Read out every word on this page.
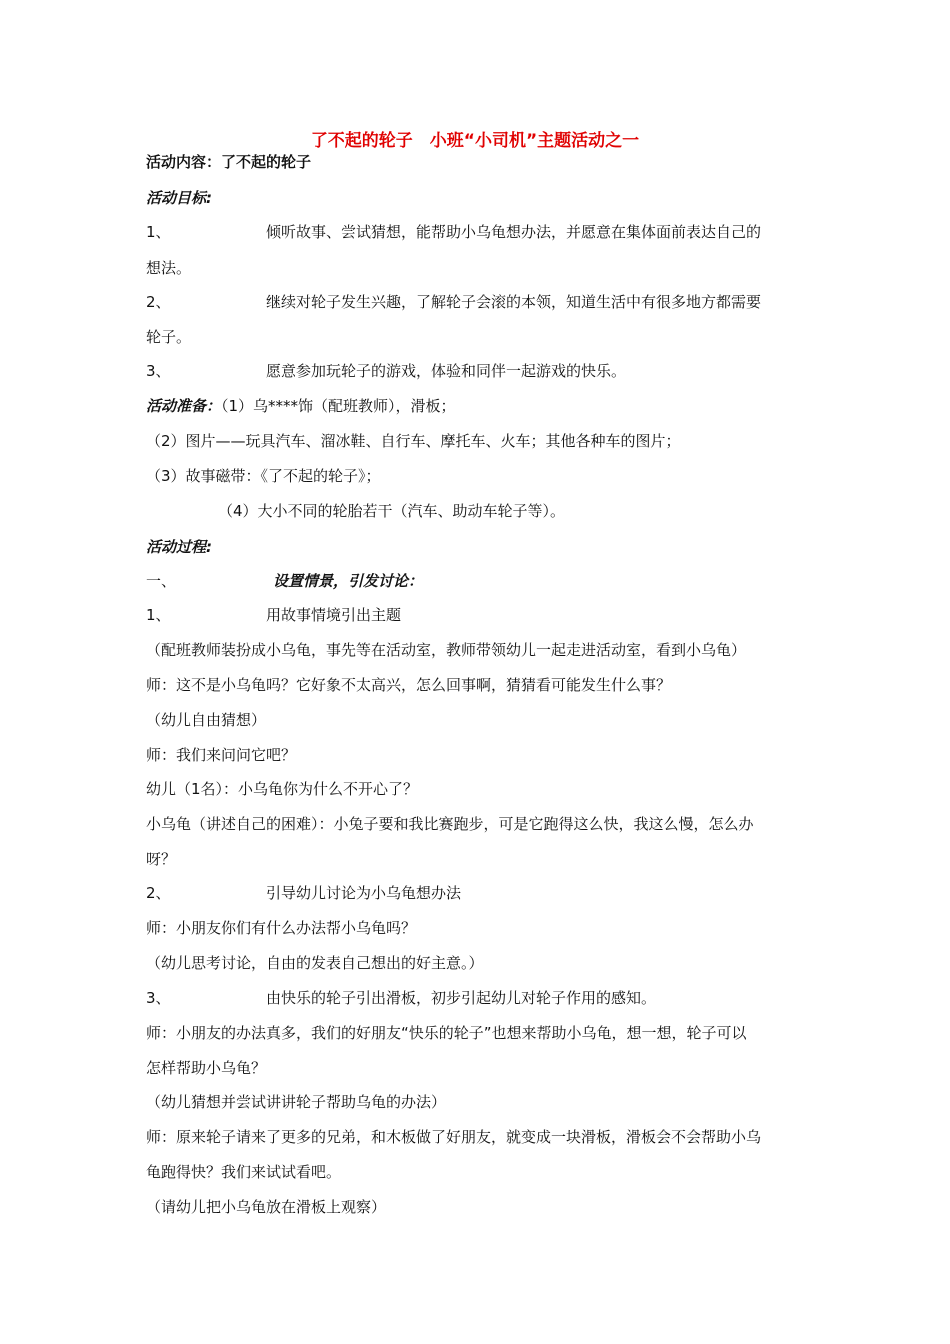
了不起的轮子　小班“小司机”主题活动之一
活动内容：了不起的轮子
活动目标:
1、	倾听故事、尝试猜想，能帮助小乌龟想办法，并愿意在集体面前表达自己的
想法。
2、	继续对轮子发生兴趣，了解轮子会滚的本领，知道生活中有很多地方都需要
轮子。
3、	愿意参加玩轮子的游戏，体验和同伴一起游戏的快乐。
活动准备：（1）乌****饰（配班教师），滑板；
（2）图片——玩具汽车、溜冰鞋、自行车、摩托车、火车；其他各种车的图片；
（3）故事磁带：《了不起的轮子》；
（4）大小不同的轮胎若干（汽车、助动车轮子等）。
活动过程:
一、	设置情景，引发讨论：
1、	用故事情境引出主题
（配班教师装扮成小乌龟，事先等在活动室，教师带领幼儿一起走进活动室，看到小乌龟）
师：这不是小乌龟吗？它好象不太高兴，怎么回事啊，猜猜看可能发生什么事？
（幼儿自由猜想）
师：我们来问问它吧？
幼儿（1名）：小乌龟你为什么不开心了？
小乌龟（讲述自己的困难）：小兔子要和我比赛跑步，可是它跑得这么快，我这么慢，怎么办
呀？
2、	引导幼儿讨论为小乌龟想办法
师：小朋友你们有什么办法帮小乌龟吗？
（幼儿思考讨论，自由的发表自己想出的好主意。）
3、	由快乐的轮子引出滑板，初步引起幼儿对轮子作用的感知。
师：小朋友的办法真多，我们的好朋友“快乐的轮子”也想来帮助小乌龟，想一想，轮子可以
怎样帮助小乌龟？
（幼儿猜想并尝试讲讲轮子帮助乌龟的办法）
师：原来轮子请来了更多的兄弟，和木板做了好朋友，就变成一块滑板，滑板会不会帮助小乌
龟跑得快？我们来试试看吧。
（请幼儿把小乌龟放在滑板上观察）
